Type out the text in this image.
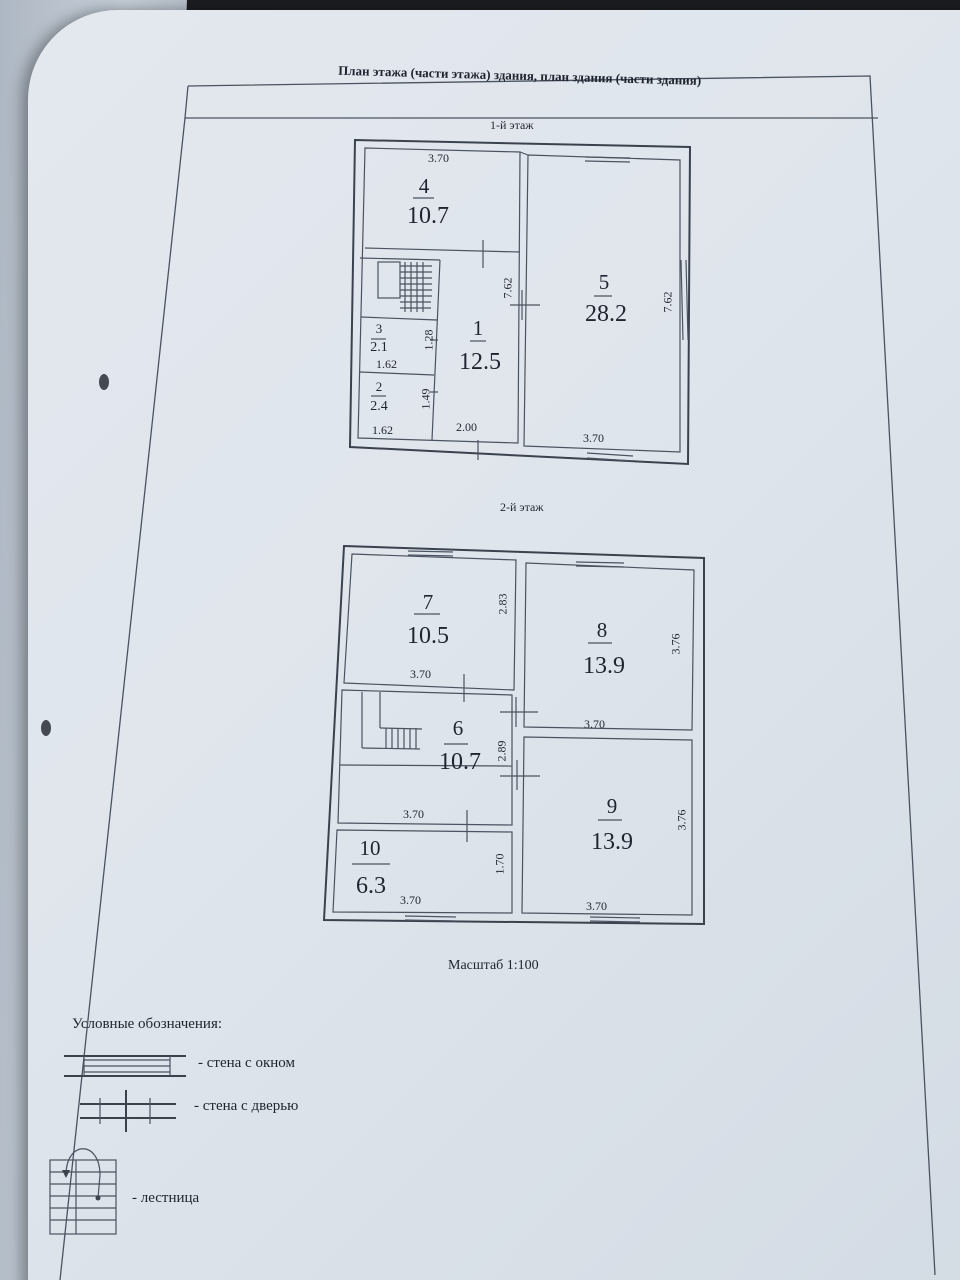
План этажа (части этажа) здания, план здания (части здания)
1-й этаж
4
10.7
5
28.2
3
2.1
1
12.5
2
2.4
3.70
7.62
7.62
1.28
1.62
1.49
1.62	2.00
3.70
2-й этаж
7
10.5	8
13.9
6
10.7
9
13.9
10
6.3
2.83
3.76
3.70
3.70
2.89
3.70	3.76
1.70
3.70	3.70
Масштаб 1:100
Условные обозначения:
- стена с окном
- стена с дверью
- лестница
